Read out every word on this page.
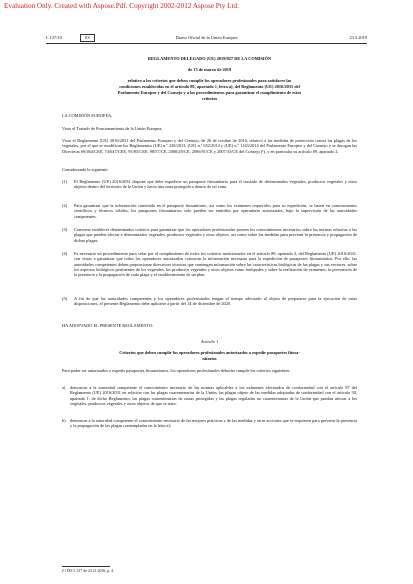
Evaluation Only. Created with Aspose.Pdf. Copyright 2002-2012 Aspose Pty Ltd.
L 137/10	ES	Diario Oficial de la Unión Europea	23.5.2019
REGLAMENTO DELEGADO (UE) 2019/827 DE LA COMISIÓN
de 13 de marzo de 2019
relativo a los criterios que deben cumplir los operadores profesionales para satisfacer las
condiciones establecidas en el artículo 89, apartado 1, letra a), del Reglamento (UE) 2016/2031 del
Parlamento Europeo y del Consejo y a los procedimientos para garantizar el cumplimiento de estos
criterios
LA COMISIÓN EUROPEA,
Visto el Tratado de Funcionamiento de la Unión Europea,
Visto el Reglamento (UE) 2016/2031 del Parlamento Europeo y del Consejo, de 26 de octubre de 2016, relativo a las medidas de protección contra las plagas de los vegetales, por el que se modifican los Reglamentos (UE) n.º 228/2013, (UE) n.º 652/2014 y (UE) n.º 1143/2014 del Parlamento Europeo y del Consejo y se derogan las Directivas 69/464/CEE, 74/647/CEE, 93/85/CEE, 98/57/CE, 2000/29/CE, 2006/91/CE y 2007/33/CE del Consejo (¹), y en particular su artículo 89, apartado 2,
Considerando lo siguiente:
(1) El Reglamento (UE) 2016/2031 dispone que debe expedirse un pasaporte fitosanitario para el traslado de determinados vegetales, productos vegetales y otros objetos dentro del territorio de la Unión y hacia una zona protegida o dentro de tal zona.
(2) Para garantizar que la información contenida en el pasaporte fitosanitario, así como los exámenes requeridos para su expedición, se basen en conocimientos científicos y técnicos sólidos, los pasaportes fitosanitarios solo pueden ser emitidos por operadores autorizados, bajo la supervisión de las autoridades competentes.
(3) Conviene establecer determinados criterios para garantizar que los operadores profesionales poseen los conocimientos necesarios sobre las normas relativas a las plagas que pueden afectar a determinados vegetales, productos vegetales y otros objetos, así como sobre las medidas para prevenir la presencia y propagación de dichas plagas.
(4) Es necesario un procedimiento para velar por el cumplimiento de todos los criterios mencionados en el artículo 89, apartado 2, del Reglamento (UE) 2016/2031, con vistas a garantizar que todos los operadores autorizados conozcan la información necesaria para la expedición de pasaportes fitosanitarios. Por ello, las autoridades competentes deben proporcionar directrices técnicas que contengan información sobre las características biológicas de las plagas y sus vectores, sobre los aspectos biológicos pertinentes de los vegetales, los productos vegetales y otros objetos como huéspedes y sobre la realización de exámenes, la prevención de la presencia y la propagación de cada plaga y el establecimiento de un plan.
(5) A fin de que las autoridades competentes y los operadores profesionales tengan el tiempo adecuado al objeto de prepararse para la ejecución de estas disposiciones, el presente Reglamento debe aplicarse a partir del 14 de diciembre de 2020.
HA ADOPTADO EL PRESENTE REGLAMENTO:
Artículo 1
Criterios que deben cumplir los operadores profesionales autorizados a expedir pasaportes fitosa-
nitarios
Para poder ser autorizados a expedir pasaportes fitosanitarios, los operadores profesionales deberán cumplir los criterios siguientes:
a) demostrar a la autoridad competente el conocimiento necesario de las normas aplicables a los exámenes efectuados de conformidad con el artículo 87 del Reglamento (UE) 2016/2031 en relación con las plagas cuarentenarias de la Unión, las plagas objeto de las medidas adoptadas de conformidad con el artículo 30, apartado 1, de dicho Reglamento, las plagas cuarentenarias de zonas protegidas y las plagas reguladas no cuarentenarias de la Unión que puedan afectar a los vegetales, productos vegetales y otros objetos de que se trate;
b) demostrar a la autoridad competente el conocimiento necesario de las mejores prácticas y de las medidas y otras acciones que se requieren para prevenir la presencia y la propagación de las plagas contempladas en la letra a);
(¹) DO L 317 de 23.11.2016, p. 4.
